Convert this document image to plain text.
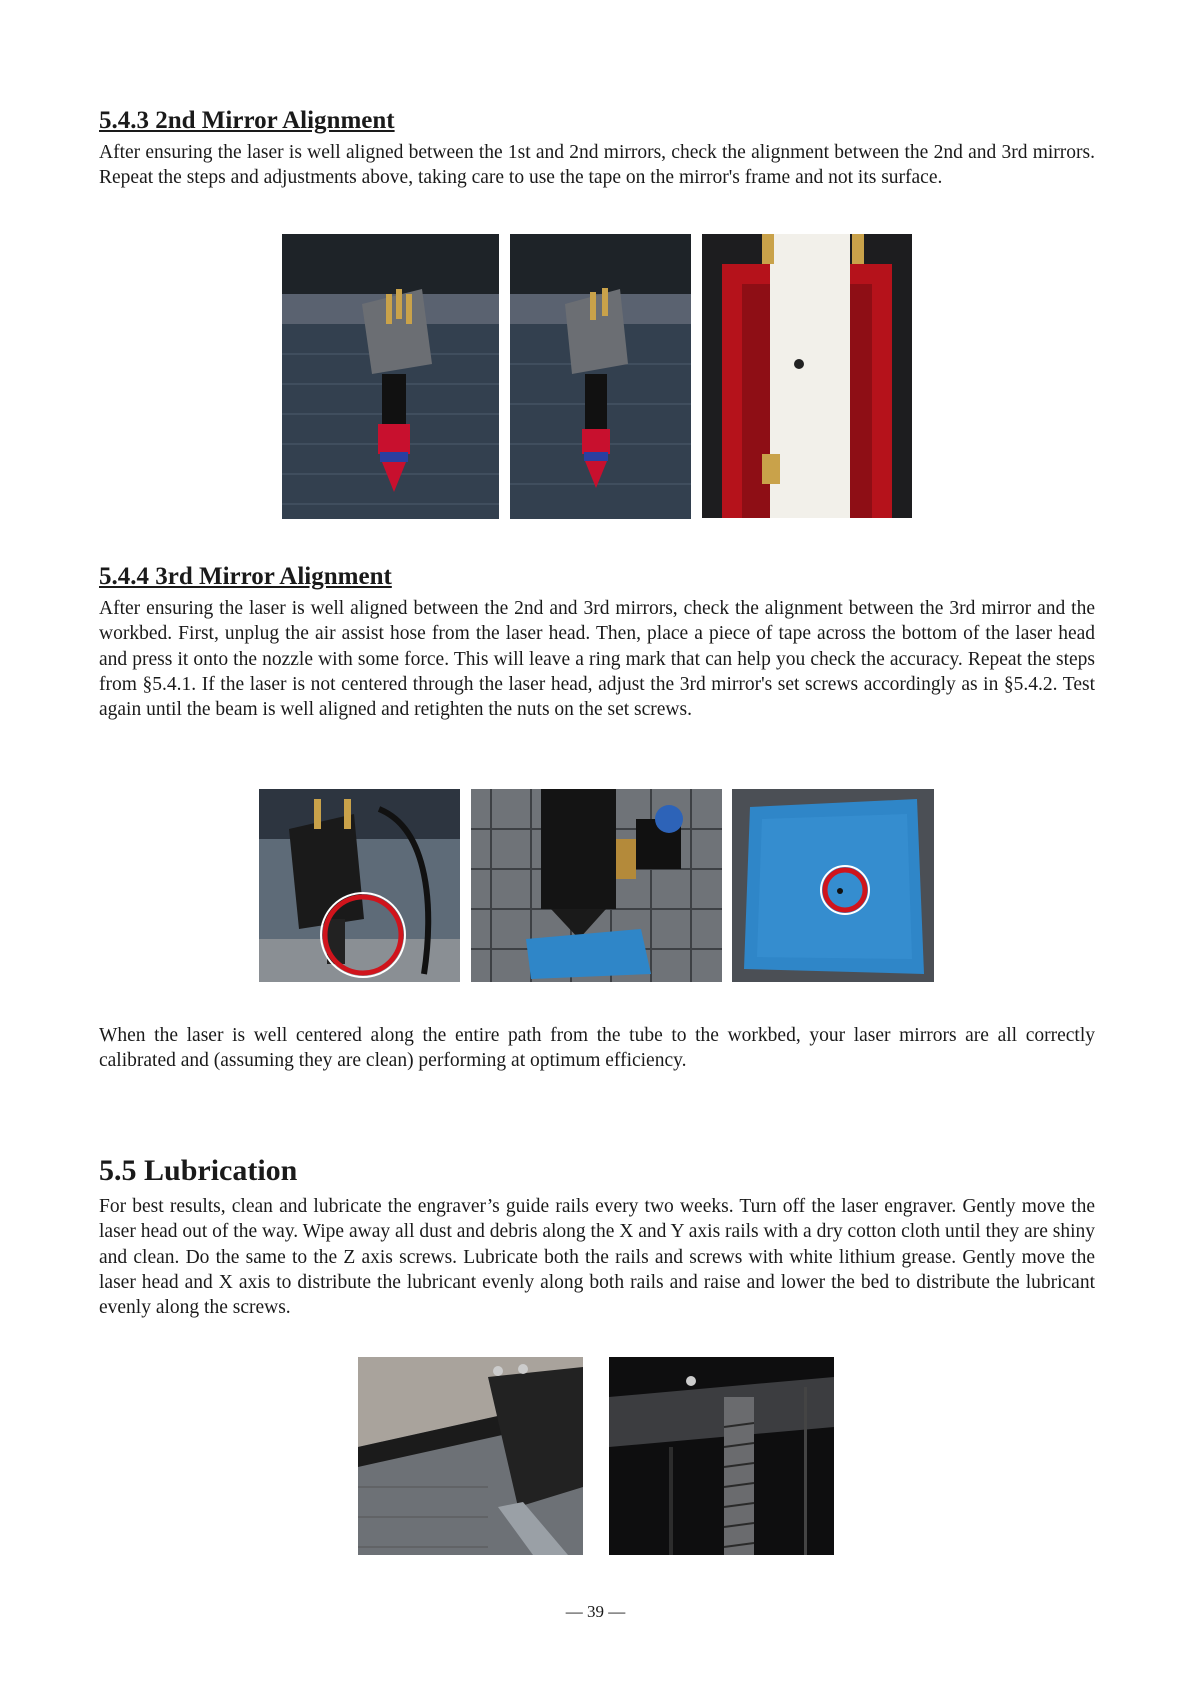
5.4.3 2nd Mirror Alignment

After ensuring the laser is well aligned between the 1st and 2nd mirrors, check the alignment between the 2nd and 3rd mirrors. Repeat the steps and adjustments above, taking care to use the tape on the mirror's frame and not its surface.

5.4.4 3rd Mirror Alignment

After ensuring the laser is well aligned between the 2nd and 3rd mirrors, check the alignment between the 3rd mirror and the workbed. First, unplug the air assist hose from the laser head. Then, place a piece of tape across the bottom of the laser head and press it onto the nozzle with some force. This will leave a ring mark that can help you check the accuracy. Repeat the steps from §5.4.1. If the laser is not centered through the laser head, adjust the 3rd mirror's set screws accordingly as in §5.4.2. Test again until the beam is well aligned and retighten the nuts on the set screws.

When the laser is well centered along the entire path from the tube to the workbed, your laser mirrors are all correctly calibrated and (assuming they are clean) performing at optimum efficiency.

5.5 Lubrication

For best results, clean and lubricate the engraver’s guide rails every two weeks. Turn off the laser engraver. Gently move the laser head out of the way. Wipe away all dust and debris along the X and Y axis rails with a dry cotton cloth until they are shiny and clean. Do the same to the Z axis screws. Lubricate both the rails and screws with white lithium grease. Gently move the laser head and X axis to distribute the lubricant evenly along both rails and raise and lower the bed to distribute the lubricant evenly along the screws.

— 39 —
